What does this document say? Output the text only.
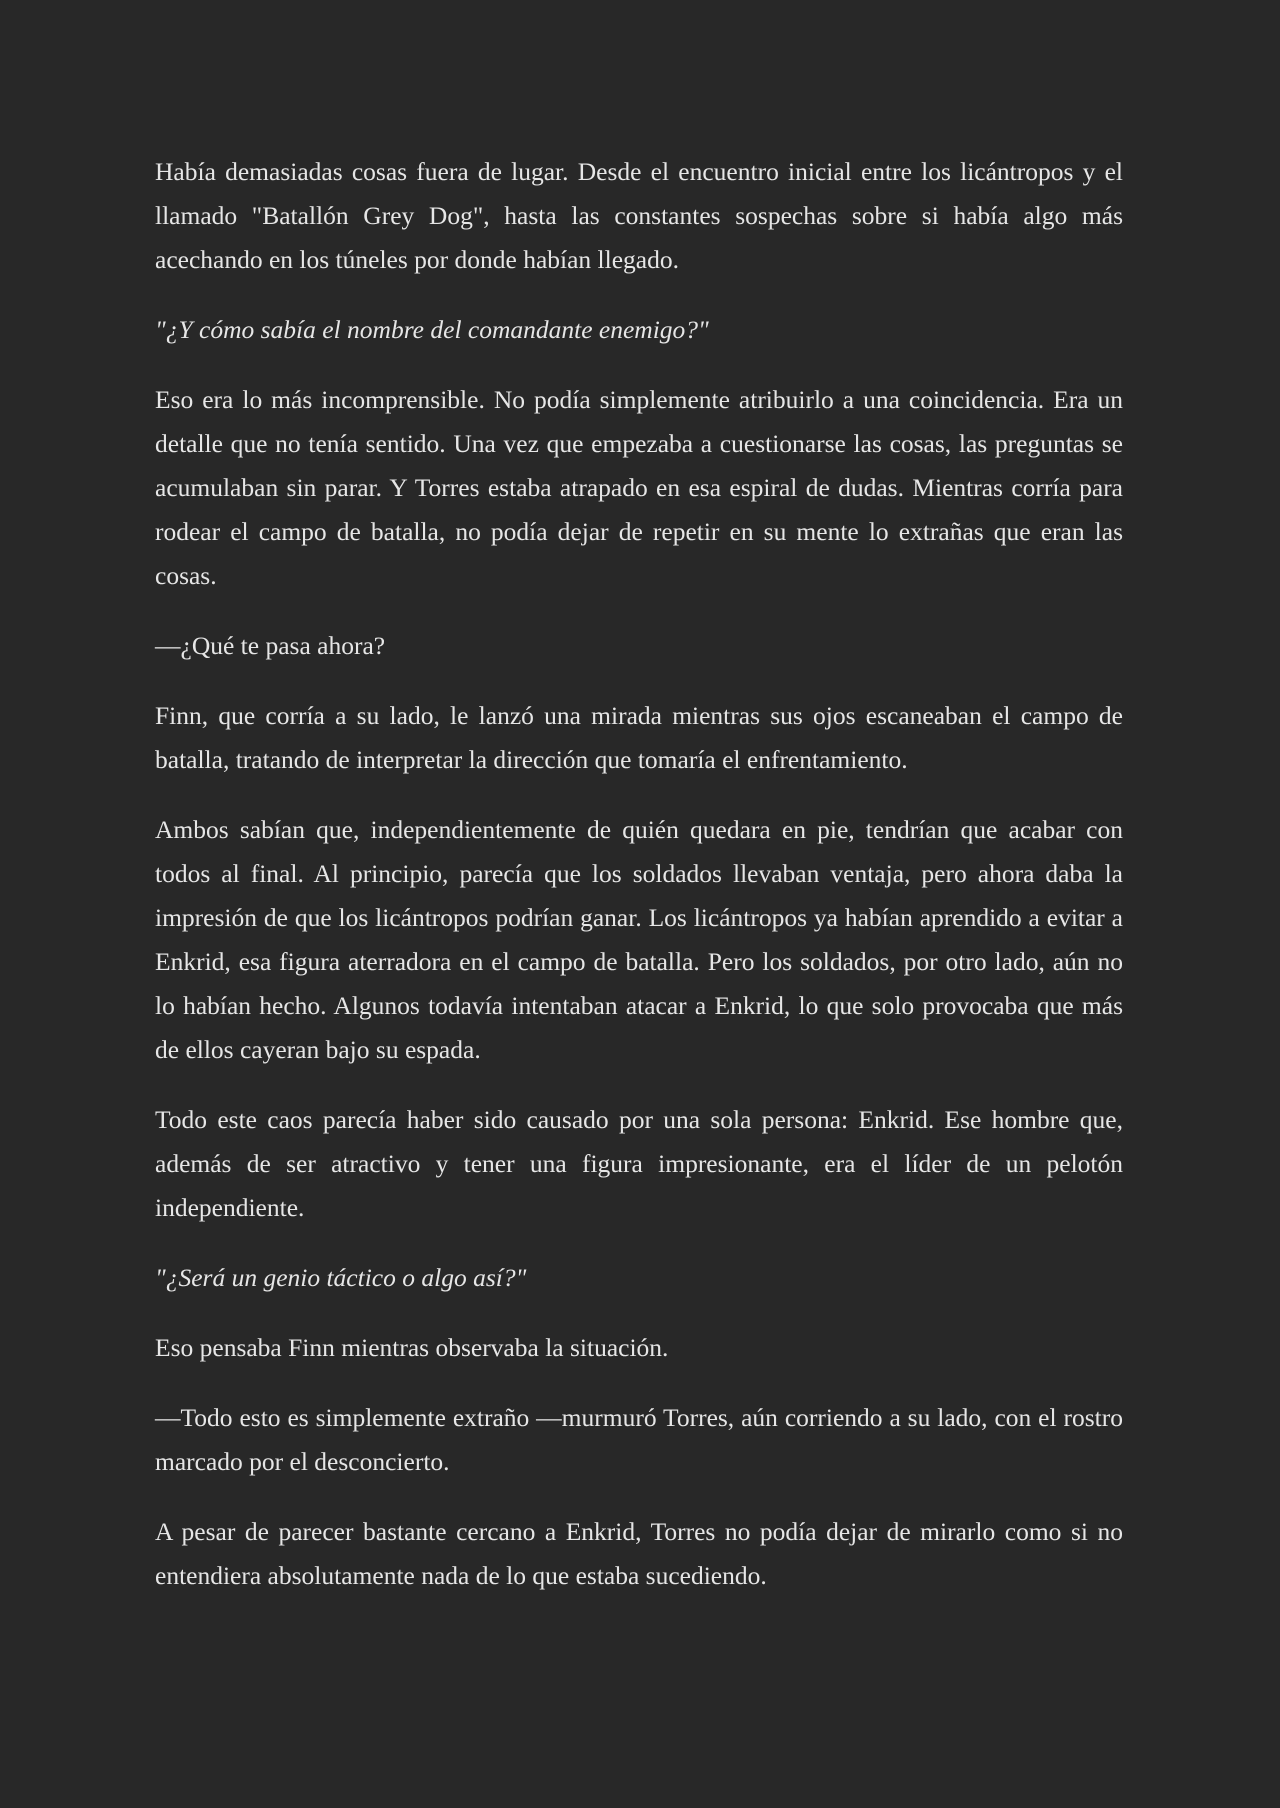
Había demasiadas cosas fuera de lugar. Desde el encuentro inicial entre los licántropos y el llamado "Batallón Grey Dog", hasta las constantes sospechas sobre si había algo más acechando en los túneles por donde habían llegado.

"¿Y cómo sabía el nombre del comandante enemigo?"

Eso era lo más incomprensible. No podía simplemente atribuirlo a una coincidencia. Era un detalle que no tenía sentido. Una vez que empezaba a cuestionarse las cosas, las preguntas se acumulaban sin parar. Y Torres estaba atrapado en esa espiral de dudas. Mientras corría para rodear el campo de batalla, no podía dejar de repetir en su mente lo extrañas que eran las cosas.

—¿Qué te pasa ahora?

Finn, que corría a su lado, le lanzó una mirada mientras sus ojos escaneaban el campo de batalla, tratando de interpretar la dirección que tomaría el enfrentamiento.

Ambos sabían que, independientemente de quién quedara en pie, tendrían que acabar con todos al final. Al principio, parecía que los soldados llevaban ventaja, pero ahora daba la impresión de que los licántropos podrían ganar. Los licántropos ya habían aprendido a evitar a Enkrid, esa figura aterradora en el campo de batalla. Pero los soldados, por otro lado, aún no lo habían hecho. Algunos todavía intentaban atacar a Enkrid, lo que solo provocaba que más de ellos cayeran bajo su espada.

Todo este caos parecía haber sido causado por una sola persona: Enkrid. Ese hombre que, además de ser atractivo y tener una figura impresionante, era el líder de un pelotón independiente.

"¿Será un genio táctico o algo así?"

Eso pensaba Finn mientras observaba la situación.

—Todo esto es simplemente extraño —murmuró Torres, aún corriendo a su lado, con el rostro marcado por el desconcierto.

A pesar de parecer bastante cercano a Enkrid, Torres no podía dejar de mirarlo como si no entendiera absolutamente nada de lo que estaba sucediendo.
